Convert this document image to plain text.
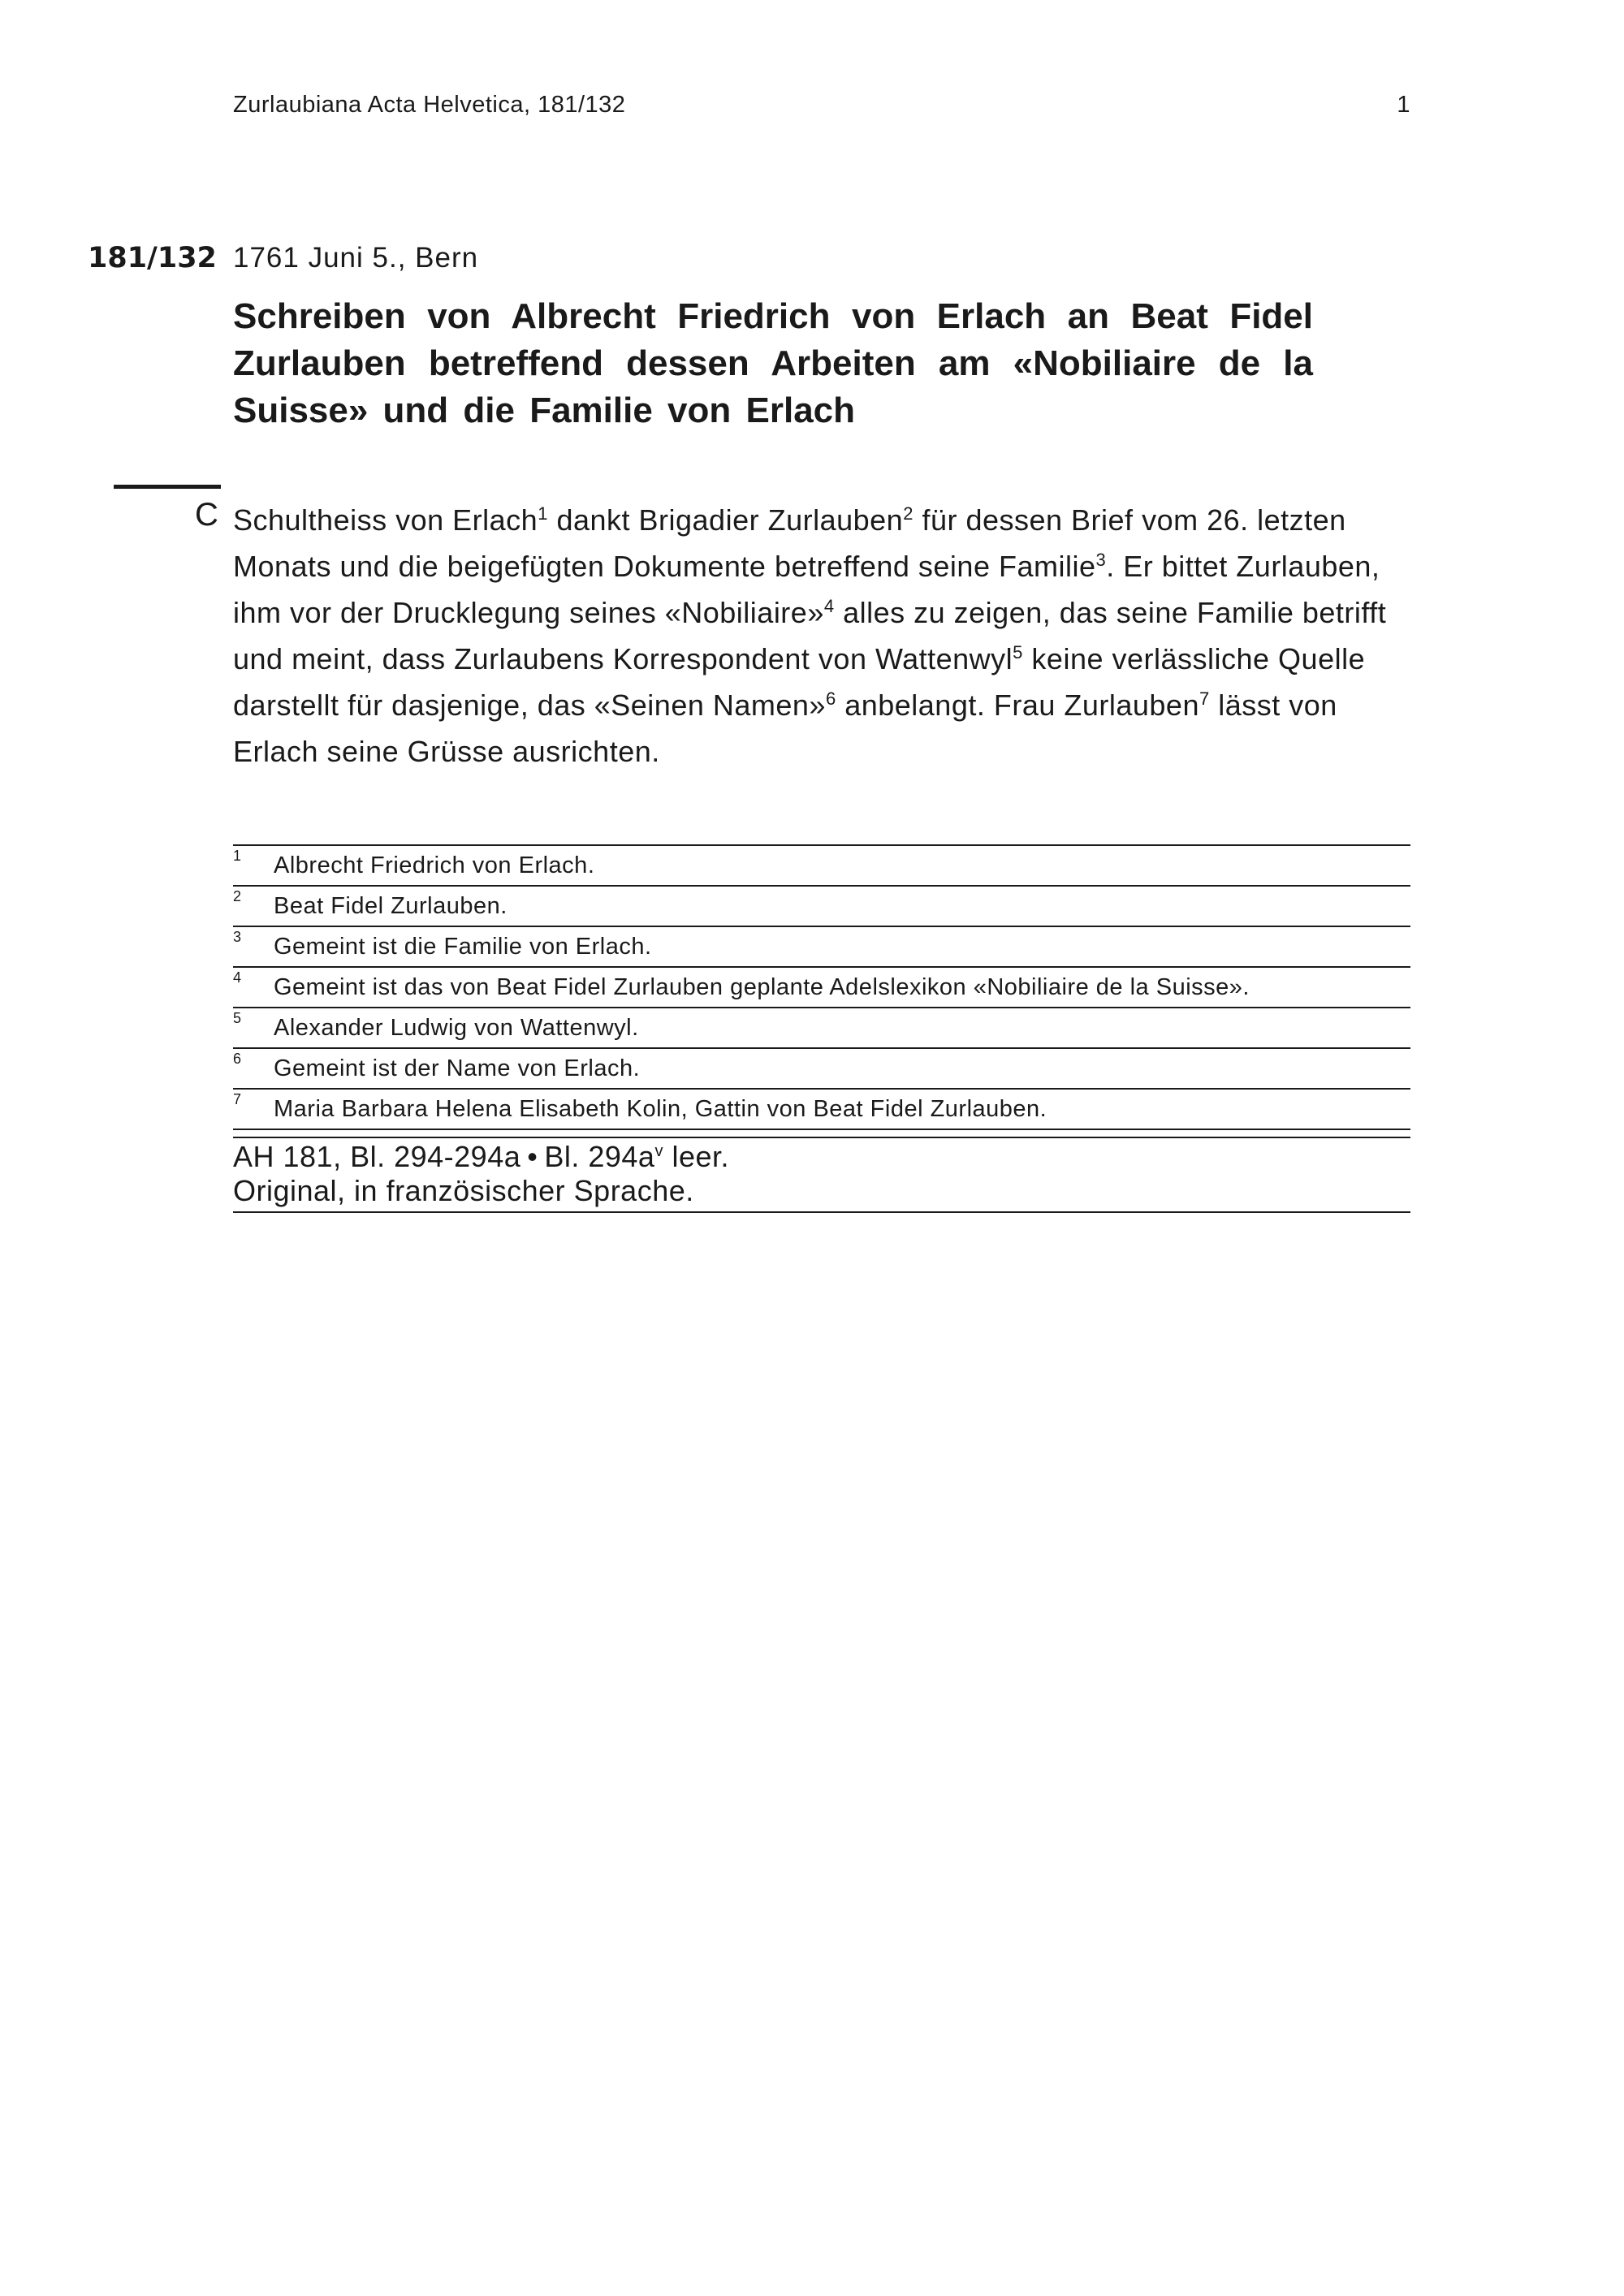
Zurlaubiana Acta Helvetica, 181/132	1
181/132 1761 Juni 5., Bern
Schreiben von Albrecht Friedrich von Erlach an Beat Fidel Zurlauben betreffend dessen Arbeiten am «Nobiliaire de la Suisse» und die Familie von Erlach
C Schultheiss von Erlach$^1$ dankt Brigadier Zurlauben$^2$ für dessen Brief vom 26. letzten Monats und die beigefügten Dokumente betreffend seine Familie$^3$. Er bittet Zurlauben, ihm vor der Drucklegung seines «Nobiliaire»$^4$ alles zu zeigen, das seine Familie betrifft und meint, dass Zurlaubens Korrespondent von Wattenwyl$^5$ keine verlässliche Quelle darstellt für dasjenige, das «Seinen Namen»$^6$ anbelangt. Frau Zurlauben$^7$ lässt von Erlach seine Grüsse ausrichten.

1 Albrecht Friedrich von Erlach.
2 Beat Fidel Zurlauben.
3 Gemeint ist die Familie von Erlach.
4 Gemeint ist das von Beat Fidel Zurlauben geplante Adelslexikon «Nobiliaire de la Suisse».
5 Alexander Ludwig von Wattenwyl.
6 Gemeint ist der Name von Erlach.
7 Maria Barbara Helena Elisabeth Kolin, Gattin von Beat Fidel Zurlauben.
AH 181, Bl. 294-294a • Bl. $294a^v$ leer.
Original, in französischer Sprache.
